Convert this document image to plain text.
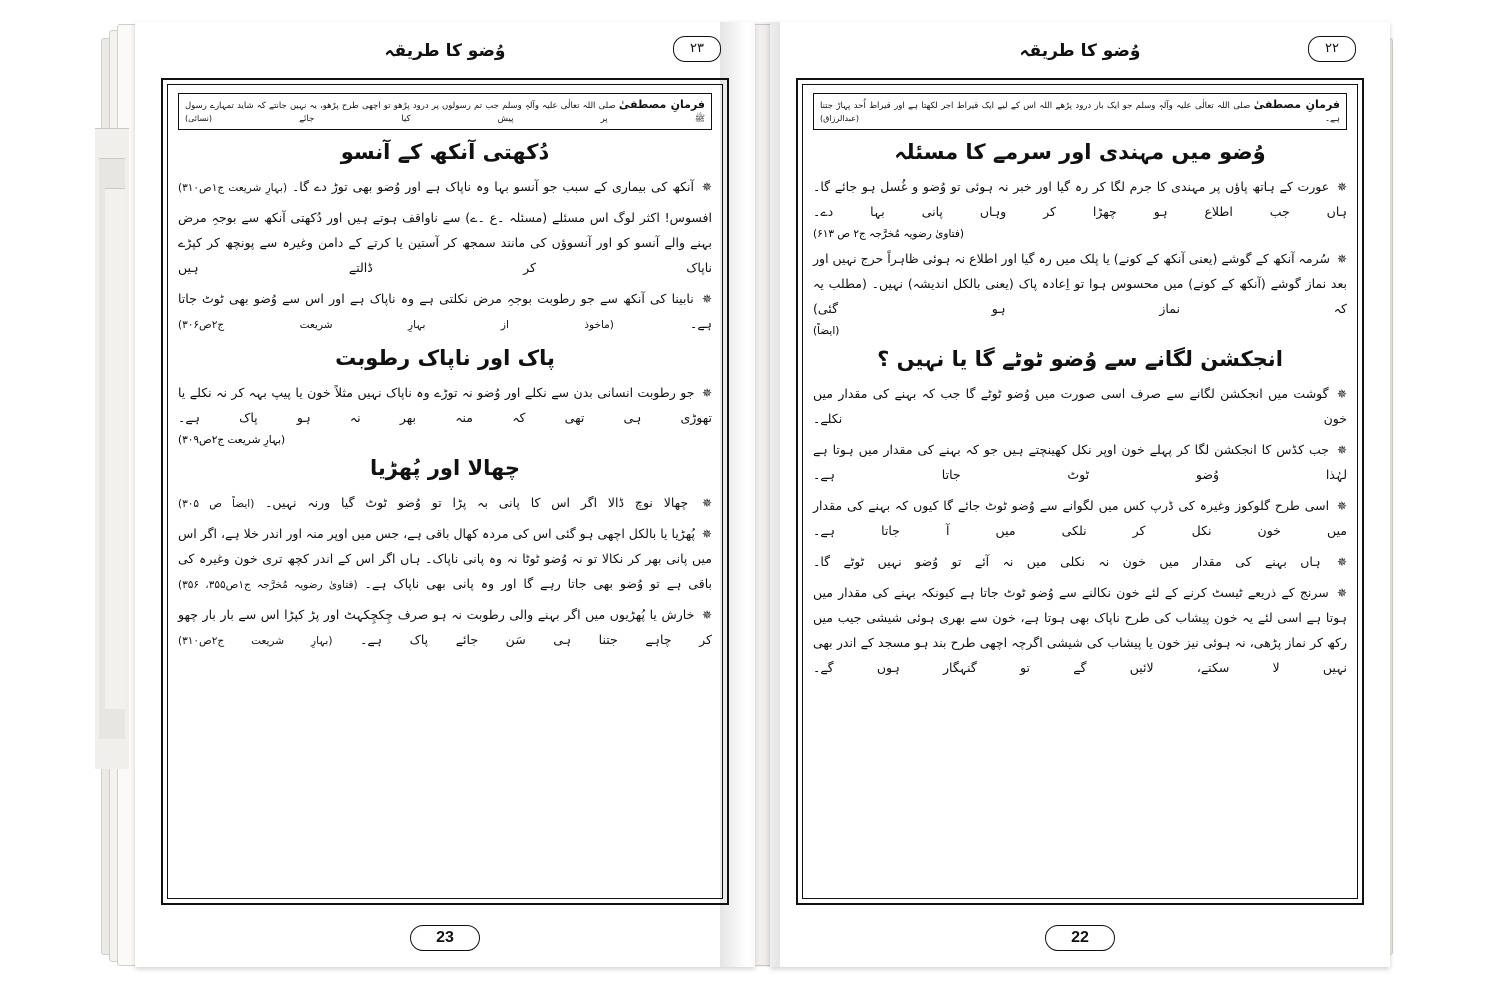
وُضو کا طریقہ	۲۲
فرمانِ مصطفیٰ صلی اللہ تعالٰی علیہ وآلہٖ وسلم جو ایک بار درود پڑھے اللہ اس کے لیے ایک قیراط اجر لکھتا ہے اور قیراط اُحد پہاڑ جتنا ہے۔ (عبدالرزاق)
وُضو میں مہندی اور سرمے کا مسئلہ
✵ عورت کے ہاتھ پاؤں پر مہندی کا جرم لگا کر رہ گیا اور خبر نہ ہوئی تو وُضو و غُسل ہو جائے گا۔ ہاں جب اطلاع ہو چھڑا کر وہاں پانی بہا دے۔
(فتاویٰ رضویہ مُخرَّجہ ج۲ ص ۶۱۳)
✵ سُرمہ آنکھ کے گوشے (یعنی آنکھ کے کونے) یا پلک میں رہ گیا اور اطلاع نہ ہوئی ظاہراً حرج نہیں اور بعد نماز گوشے (آنکھ کے کونے) میں محسوس ہوا تو اِعادہ پاک (یعنی بالکل اندیشہ) نہیں۔ (مطلب یہ کہ نماز ہو گئی)
(ایضاً)
انجکشن لگانے سے وُضو ٹوٹے گا یا نہیں ؟
✵ گوشت میں انجکشن لگانے سے صرف اسی صورت میں وُضو ٹوٹے گا جب کہ بہنے کی مقدار میں خون نکلے۔
✵ جب کڈس کا انجکشن لگا کر پہلے خون اوپر نکل کھینچتے ہیں جو کہ بہنے کی مقدار میں ہوتا ہے لہٰذا وُضو ٹوٹ جاتا ہے۔
✵ اسی طرح گلوکوز وغیرہ کی ڈرپ کس میں لگوانے سے وُضو ٹوٹ جائے گا کیوں کہ بہنے کی مقدار میں خون نکل کر نلکی میں آ جاتا ہے۔
✵ ہاں بہنے کی مقدار میں خون نہ نکلی میں نہ آئے تو وُضو نہیں ٹوٹے گا۔
✵ سرنج کے ذریعے ٹیسٹ کرنے کے لئے خون نکالنے سے وُضو ٹوٹ جاتا ہے کیونکہ بہنے کی مقدار میں ہوتا ہے اسی لئے یہ خون پیشاب کی طرح ناپاک بھی ہوتا ہے، خون سے بھری ہوئی شیشی جیب میں رکھ کر نماز پڑھی، نہ ہوئی نیز خون یا پیشاب کی شیشی اگرچہ اچھی طرح بند ہو مسجد کے اندر بھی نہیں لا سکتے، لائیں گے تو گنہگار ہوں گے۔
22
وُضو کا طریقہ	۲۳
فرمانِ مصطفیٰ صلی اللہ تعالٰی علیہ وآلہٖ وسلم جب تم رسولوں پر درود پڑھو تو اچھی طرح پڑھو، یہ نہیں جانتے کہ شاید تمہارے رسول ﷺ پر پیش کیا جائے (نسائی)
دُکھتی آنکھ کے آنسو
✵ آنکھ کی بیماری کے سبب جو آنسو بہا وہ ناپاک ہے اور وُضو بھی توڑ دے گا۔ (بہارِ شریعت ج۱ص۳۱۰)
افسوس! اکثر لوگ اس مسئلے (مسئلہ ۔ع ۔ے) سے ناواقف ہوتے ہیں اور دُکھتی آنکھ سے بوجہِ مرض بہنے والے آنسو کو اور آنسوؤں کی مانند سمجھ کر آستین یا کرتے کے دامن وغیرہ سے پونچھ کر کپڑے ناپاک کر ڈالتے ہیں
✵ نابینا کی آنکھ سے جو رطوبت بوجہِ مرض نکلتی ہے وہ ناپاک ہے اور اس سے وُضو بھی ٹوٹ جاتا ہے۔ (ماخوذ از بہارِ شریعت ج۲ص۳۰۶)
پاک اور ناپاک رطوبت
✵ جو رطوبت انسانی بدن سے نکلے اور وُضو نہ توڑے وہ ناپاک نہیں مثلاً خون یا پیپ بہہ کر نہ نکلے یا تھوڑی ہی تھی کہ منہ بھر نہ ہو پاک ہے۔
(بہارِ شریعت ج۲ص۳۰۹)
چھالا اور پُھڑیا
✵ چھالا نوچ ڈالا اگر اس کا پانی بہ پڑا تو وُضو ٹوٹ گیا ورنہ نہیں۔ (ایضاً ص ۳۰۵)
✵ پُھڑیا یا بالکل اچھی ہو گئی اس کی مردہ کھال باقی ہے، جس میں اوپر منہ اور اندر خلا ہے، اگر اس میں پانی بھر کر نکالا تو نہ وُضو ٹوٹا نہ وہ پانی ناپاک۔ ہاں اگر اس کے اندر کچھ تری خون وغیرہ کی باقی ہے تو وُضو بھی جاتا رہے گا اور وہ پانی بھی ناپاک ہے۔ (فتاویٰ رضویہ مُخرَّجہ ج۱ص۳۵۵، ۳۵۶)
✵ خارش یا پُھڑیوں میں اگر بہنے والی رطوبت نہ ہو صرف چِکچِکہٹ اور پڑ کپڑا اس سے بار بار چھو کر چاہے جتنا ہی سَن جائے پاک ہے۔ (بہارِ شریعت ج۲ص۳۱۰)
23
